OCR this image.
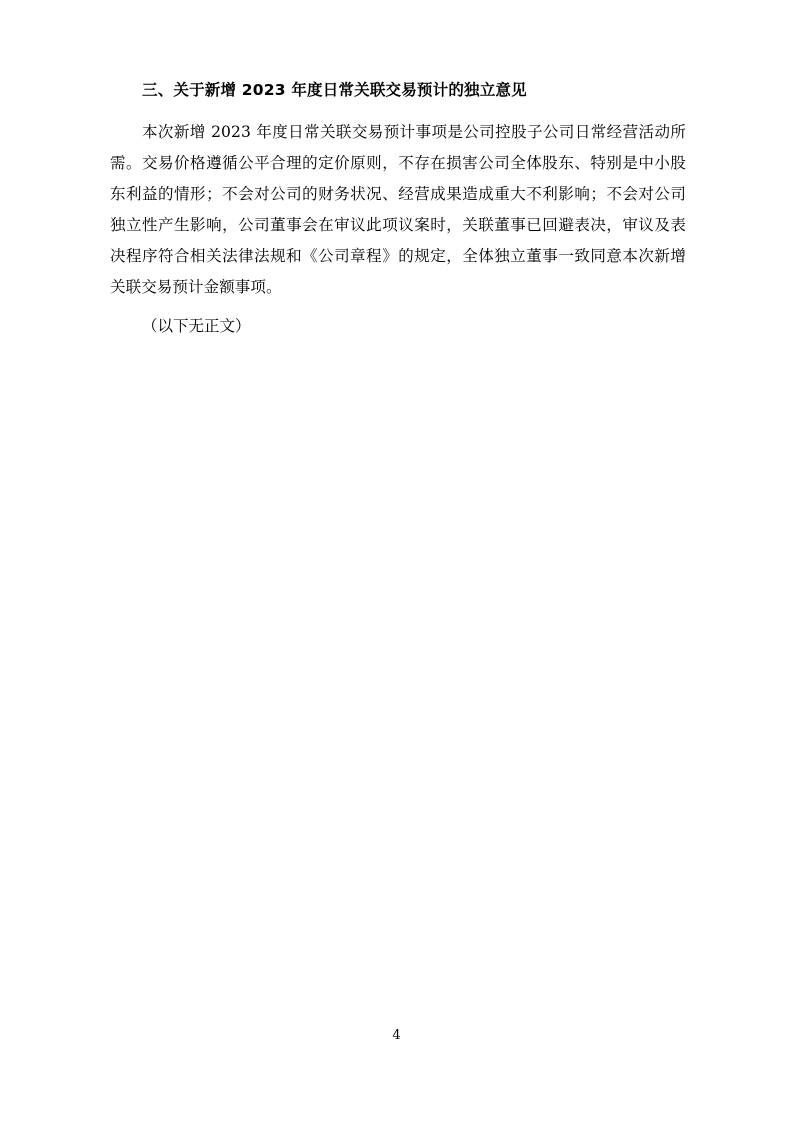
三、关于新增 2023 年度日常关联交易预计的独立意见

本次新增 2023 年度日常关联交易预计事项是公司控股子公司日常经营活动所需。交易价格遵循公平合理的定价原则，不存在损害公司全体股东、特别是中小股东利益的情形；不会对公司的财务状况、经营成果造成重大不利影响；不会对公司独立性产生影响，公司董事会在审议此项议案时，关联董事已回避表决，审议及表决程序符合相关法律法规和《公司章程》的规定，全体独立董事一致同意本次新增关联交易预计金额事项。

（以下无正文）

4
